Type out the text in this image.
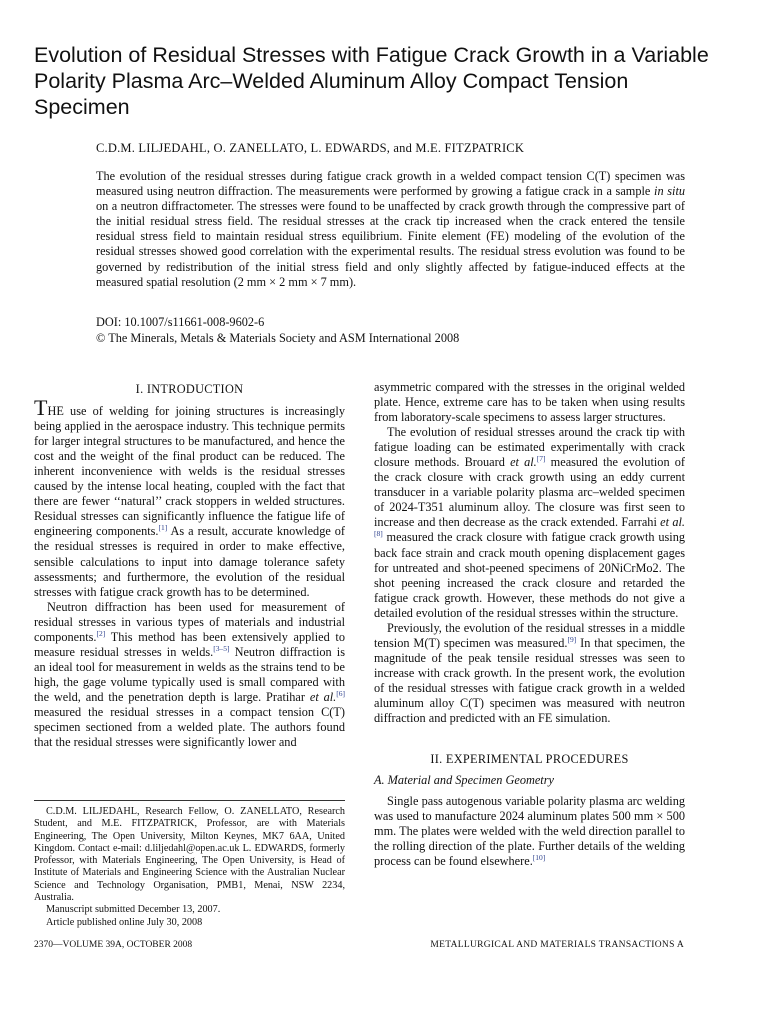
Evolution of Residual Stresses with Fatigue Crack Growth in a Variable Polarity Plasma Arc–Welded Aluminum Alloy Compact Tension Specimen
C.D.M. LILJEDAHL, O. ZANELLATO, L. EDWARDS, and M.E. FITZPATRICK

The evolution of the residual stresses during fatigue crack growth in a welded compact tension C(T) specimen was measured using neutron diffraction. The measurements were performed by growing a fatigue crack in a sample in situ on a neutron diffractometer. The stresses were found to be unaffected by crack growth through the compressive part of the initial residual stress field. The residual stresses at the crack tip increased when the crack entered the tensile residual stress field to maintain residual stress equilibrium. Finite element (FE) modeling of the evolution of the residual stresses showed good correlation with the experimental results. The residual stress evolution was found to be governed by redistribution of the initial stress field and only slightly affected by fatigue-induced effects at the measured spatial resolution (2 mm × 2 mm × 7 mm).

DOI: 10.1007/s11661-008-9602-6
© The Minerals, Metals & Materials Society and ASM International 2008
I. INTRODUCTION

THE use of welding for joining structures is increasingly being applied in the aerospace industry. This technique permits for larger integral structures to be manufactured, and hence the cost and the weight of the final product can be reduced. The inherent inconvenience with welds is the residual stresses caused by the intense local heating, coupled with the fact that there are fewer ‘‘natural’’ crack stoppers in welded structures. Residual stresses can significantly influence the fatigue life of engineering components.[1] As a result, accurate knowledge of the residual stresses is required in order to make effective, sensible calculations to input into damage tolerance safety assessments; and furthermore, the evolution of the residual stresses with fatigue crack growth has to be determined.

Neutron diffraction has been used for measurement of residual stresses in various types of materials and industrial components.[2] This method has been extensively applied to measure residual stresses in welds.[3–5] Neutron diffraction is an ideal tool for measurement in welds as the strains tend to be high, the gage volume typically used is small compared with the weld, and the penetration depth is large. Pratihar et al.[6] measured the residual stresses in a compact tension C(T) specimen sectioned from a welded plate. The authors found that the residual stresses were significantly lower and

asymmetric compared with the stresses in the original welded plate. Hence, extreme care has to be taken when using results from laboratory-scale specimens to assess larger structures.

The evolution of residual stresses around the crack tip with fatigue loading can be estimated experimentally with crack closure methods. Brouard et al.[7] measured the evolution of the crack closure with crack growth using an eddy current transducer in a variable polarity plasma arc–welded specimen of 2024-T351 aluminum alloy. The closure was first seen to increase and then decrease as the crack extended. Farrahi et al.[8] measured the crack closure with fatigue crack growth using back face strain and crack mouth opening displacement gages for untreated and shot-peened specimens of 20NiCrMo2. The shot peening increased the crack closure and retarded the fatigue crack growth. However, these methods do not give a detailed evolution of the residual stresses within the structure.

Previously, the evolution of the residual stresses in a middle tension M(T) specimen was measured.[9] In that specimen, the magnitude of the peak tensile residual stresses was seen to increase with crack growth. In the present work, the evolution of the residual stresses with fatigue crack growth in a welded aluminum alloy C(T) specimen was measured with neutron diffraction and predicted with an FE simulation.

II. EXPERIMENTAL PROCEDURES
A. Material and Specimen Geometry

Single pass autogenous variable polarity plasma arc welding was used to manufacture 2024 aluminum plates 500 mm × 500 mm. The plates were welded with the weld direction parallel to the rolling direction of the plate. Further details of the welding process can be found elsewhere.[10]

C.D.M. LILJEDAHL, Research Fellow, O. ZANELLATO, Research Student, and M.E. FITZPATRICK, Professor, are with Materials Engineering, The Open University, Milton Keynes, MK7 6AA, United Kingdom. Contact e-mail: d.liljedahl@open.ac.uk L. EDWARDS, formerly Professor, with Materials Engineering, The Open University, is Head of Institute of Materials and Engineering Science with the Australian Nuclear Science and Technology Organisation, PMB1, Menai, NSW 2234, Australia.

Manuscript submitted December 13, 2007.

Article published online July 30, 2008

2370—VOLUME 39A, OCTOBER 2008	METALLURGICAL AND MATERIALS TRANSACTIONS A
